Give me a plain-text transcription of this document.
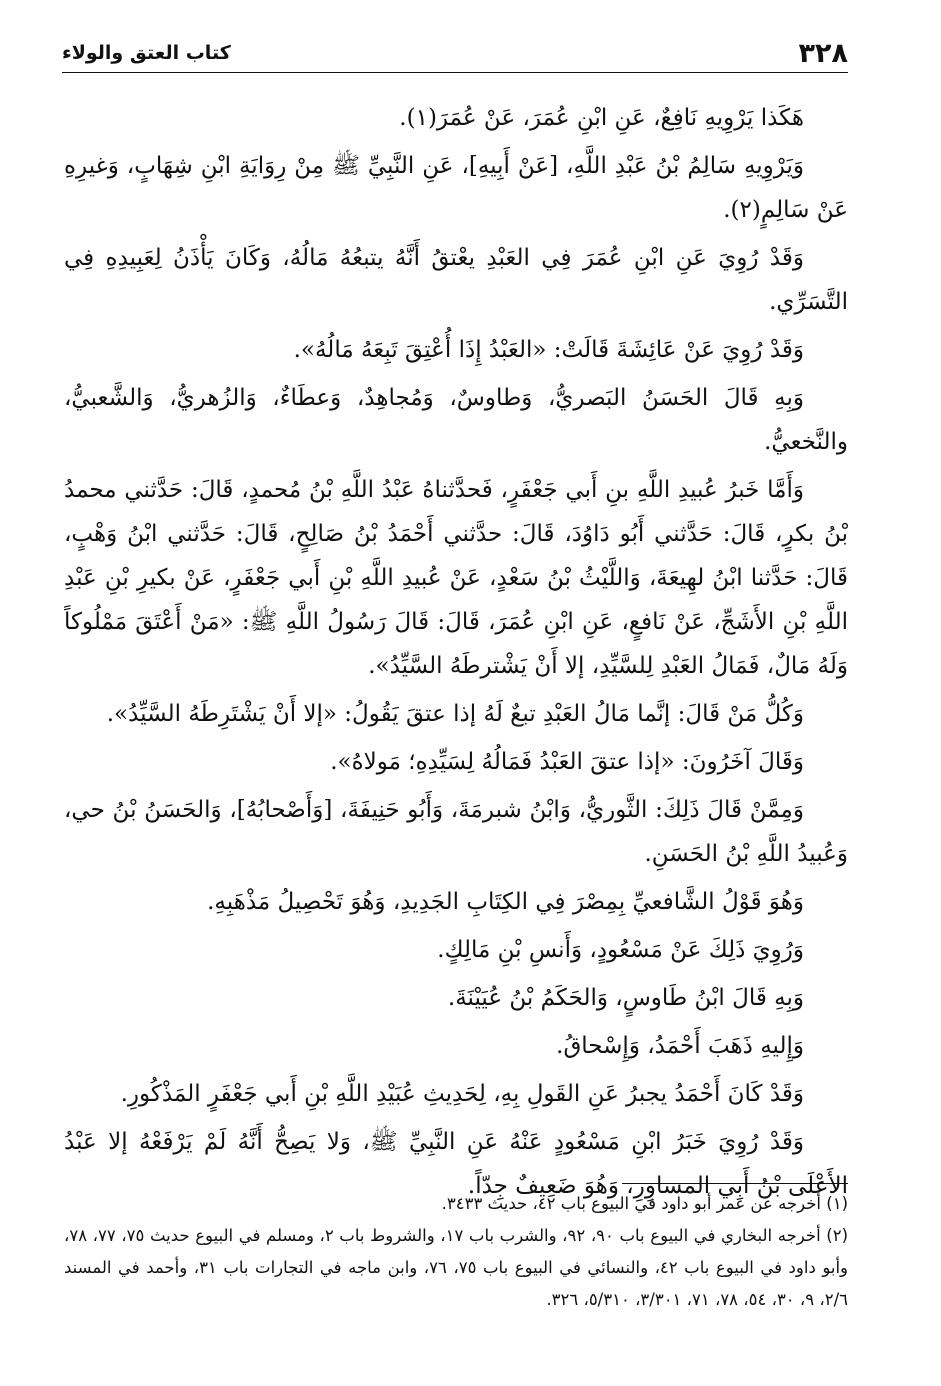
٣٢٨
كتاب العتق والولاء

هَكَذا يَرْوِيهِ نَافِعٌ، عَنِ ابْنِ عُمَرَ، عَنْ عُمَرَ(١).

وَيَرْوِيهِ سَالِمُ بْنُ عَبْدِ اللَّهِ، [عَنْ أَبِيهِ]، عَنِ النَّبِيِّ ﷺ مِنْ رِوَايَةِ ابْنِ شِهَابٍ، وَغيرِهِ عَنْ سَالِمٍ(٢).

وَقَدْ رُوِيَ عَنِ ابْنِ عُمَرَ فِي العَبْدِ يعْتقُ أَنَّهُ يتبعُهُ مَالُهُ، وَكَانَ يَأْذَنُ لِعَبِيدِهِ فِي التَّسَرِّي.

وَقَدْ رُوِيَ عَنْ عَائِشَةَ قَالَتْ: «العَبْدُ إِذَا أُعْتِقَ تَبِعَهُ مَالُهُ».

وَبِهِ قَالَ الحَسَنُ البَصريُّ، وَطاوسٌ، وَمُجاهِدٌ، وَعطَاءٌ، وَالزُهريُّ، وَالشَّعبيُّ، والنَّخعيُّ.

وَأَمَّا خَبرُ عُبيدِ اللَّهِ بنِ أَبي جَعْفَرٍ، فَحدَّثناهُ عَبْدُ اللَّهِ بْنُ مُحمدٍ، قَالَ: حَدَّثني محمدُ بْنُ بكرٍ، قَالَ: حَدَّثني أَبُو دَاوُدَ، قَالَ: حدَّثني أَحْمَدُ بْنُ صَالِحٍ، قَالَ: حَدَّثني ابْنُ وَهْبٍ، قَالَ: حَدَّثنا ابْنُ لهِيعَةَ، وَاللَّيْثُ بْنُ سَعْدٍ، عَنْ عُبيدِ اللَّهِ بْنِ أَبي جَعْفَرٍ، عَنْ بكيرِ بْنِ عَبْدِ اللَّهِ بْنِ الأَشَجِّ، عَنْ نَافعٍ، عَنِ ابْنِ عُمَرَ، قَالَ: قَالَ رَسُولُ اللَّهِ ﷺ: «مَنْ أَعْتَقَ مَمْلُوكاً وَلَهُ مَالٌ، فَمَالُ العَبْدِ لِلسَّيِّدِ، إلا أَنْ يَشْترطَهُ السَّيِّدُ».

وَكُلُّ مَنْ قَالَ: إنَّما مَالُ العَبْدِ تبعٌ لَهُ إذا عتقَ يَقُولُ: «إلا أَنْ يَشْتَرِطَهُ السَّيِّدُ».

وَقَالَ آخَرُونَ: «إذا عتقَ العَبْدُ فَمَالُهُ لِسَيِّدِهِ؛ مَولاهُ».

وَمِمَّنْ قَالَ ذَلِكَ: الثَّوريُّ، وَابْنُ شبرمَةَ، وَأَبُو حَنِيفَةَ، [وَأَصْحابُهُ]، وَالحَسَنُ بْنُ حي، وَعُبيدُ اللَّهِ بْنُ الحَسَنِ.

وَهُوَ قَوْلُ الشَّافعيِّ بِمِصْرَ فِي الكِتَابِ الجَدِيدِ، وَهُوَ تَحْصِيلُ مَذْهَبِهِ.

وَرُوِيَ ذَلِكَ عَنْ مَسْعُودٍ، وَأَنسِ بْنِ مَالِكٍ.

وَبِهِ قَالَ ابْنُ طَاوسٍ، وَالحَكَمُ بْنُ عُيَيْنَةَ.

وَإِليهِ ذَهَبَ أَحْمَدُ، وَإِسْحاقُ.

وَقَدْ كَانَ أَحْمَدُ يجبرُ عَنِ القَولِ بِهِ، لِحَدِيثِ عُبَيْدِ اللَّهِ بْنِ أَبي جَعْفَرٍ المَذْكُورِ.

وَقَدْ رُوِيَ خَبَرُ ابْنِ مَسْعُودٍ عَنْهُ عَنِ النَّبِيِّ ﷺ، وَلا يَصِحُّ أَنَّهُ لَمْ يَرْفَعْهُ إلا عَبْدُ الأَعْلَى بْنُ أَبِي المساوِرِ، وَهُوَ ضَعِيفٌ جِدّاً.

(١) أخرجه عن عمر أبو داود في البيوع باب ٤٢، حديث ٣٤٣٣.

(٢) أخرجه البخاري في البيوع باب ٩٠، ٩٢، والشرب باب ١٧، والشروط باب ٢، ومسلم في البيوع حديث ٧٥، ٧٧، ٧٨، وأبو داود في البيوع باب ٤٢، والنسائي في البيوع باب ٧٥، ٧٦، وابن ماجه في التجارات باب ٣١، وأحمد في المسند ٢/٦، ٩، ٣٠، ٥٤، ٧٨، ٧١، ٣/٣٠١، ٥/٣١٠، ٣٢٦.
